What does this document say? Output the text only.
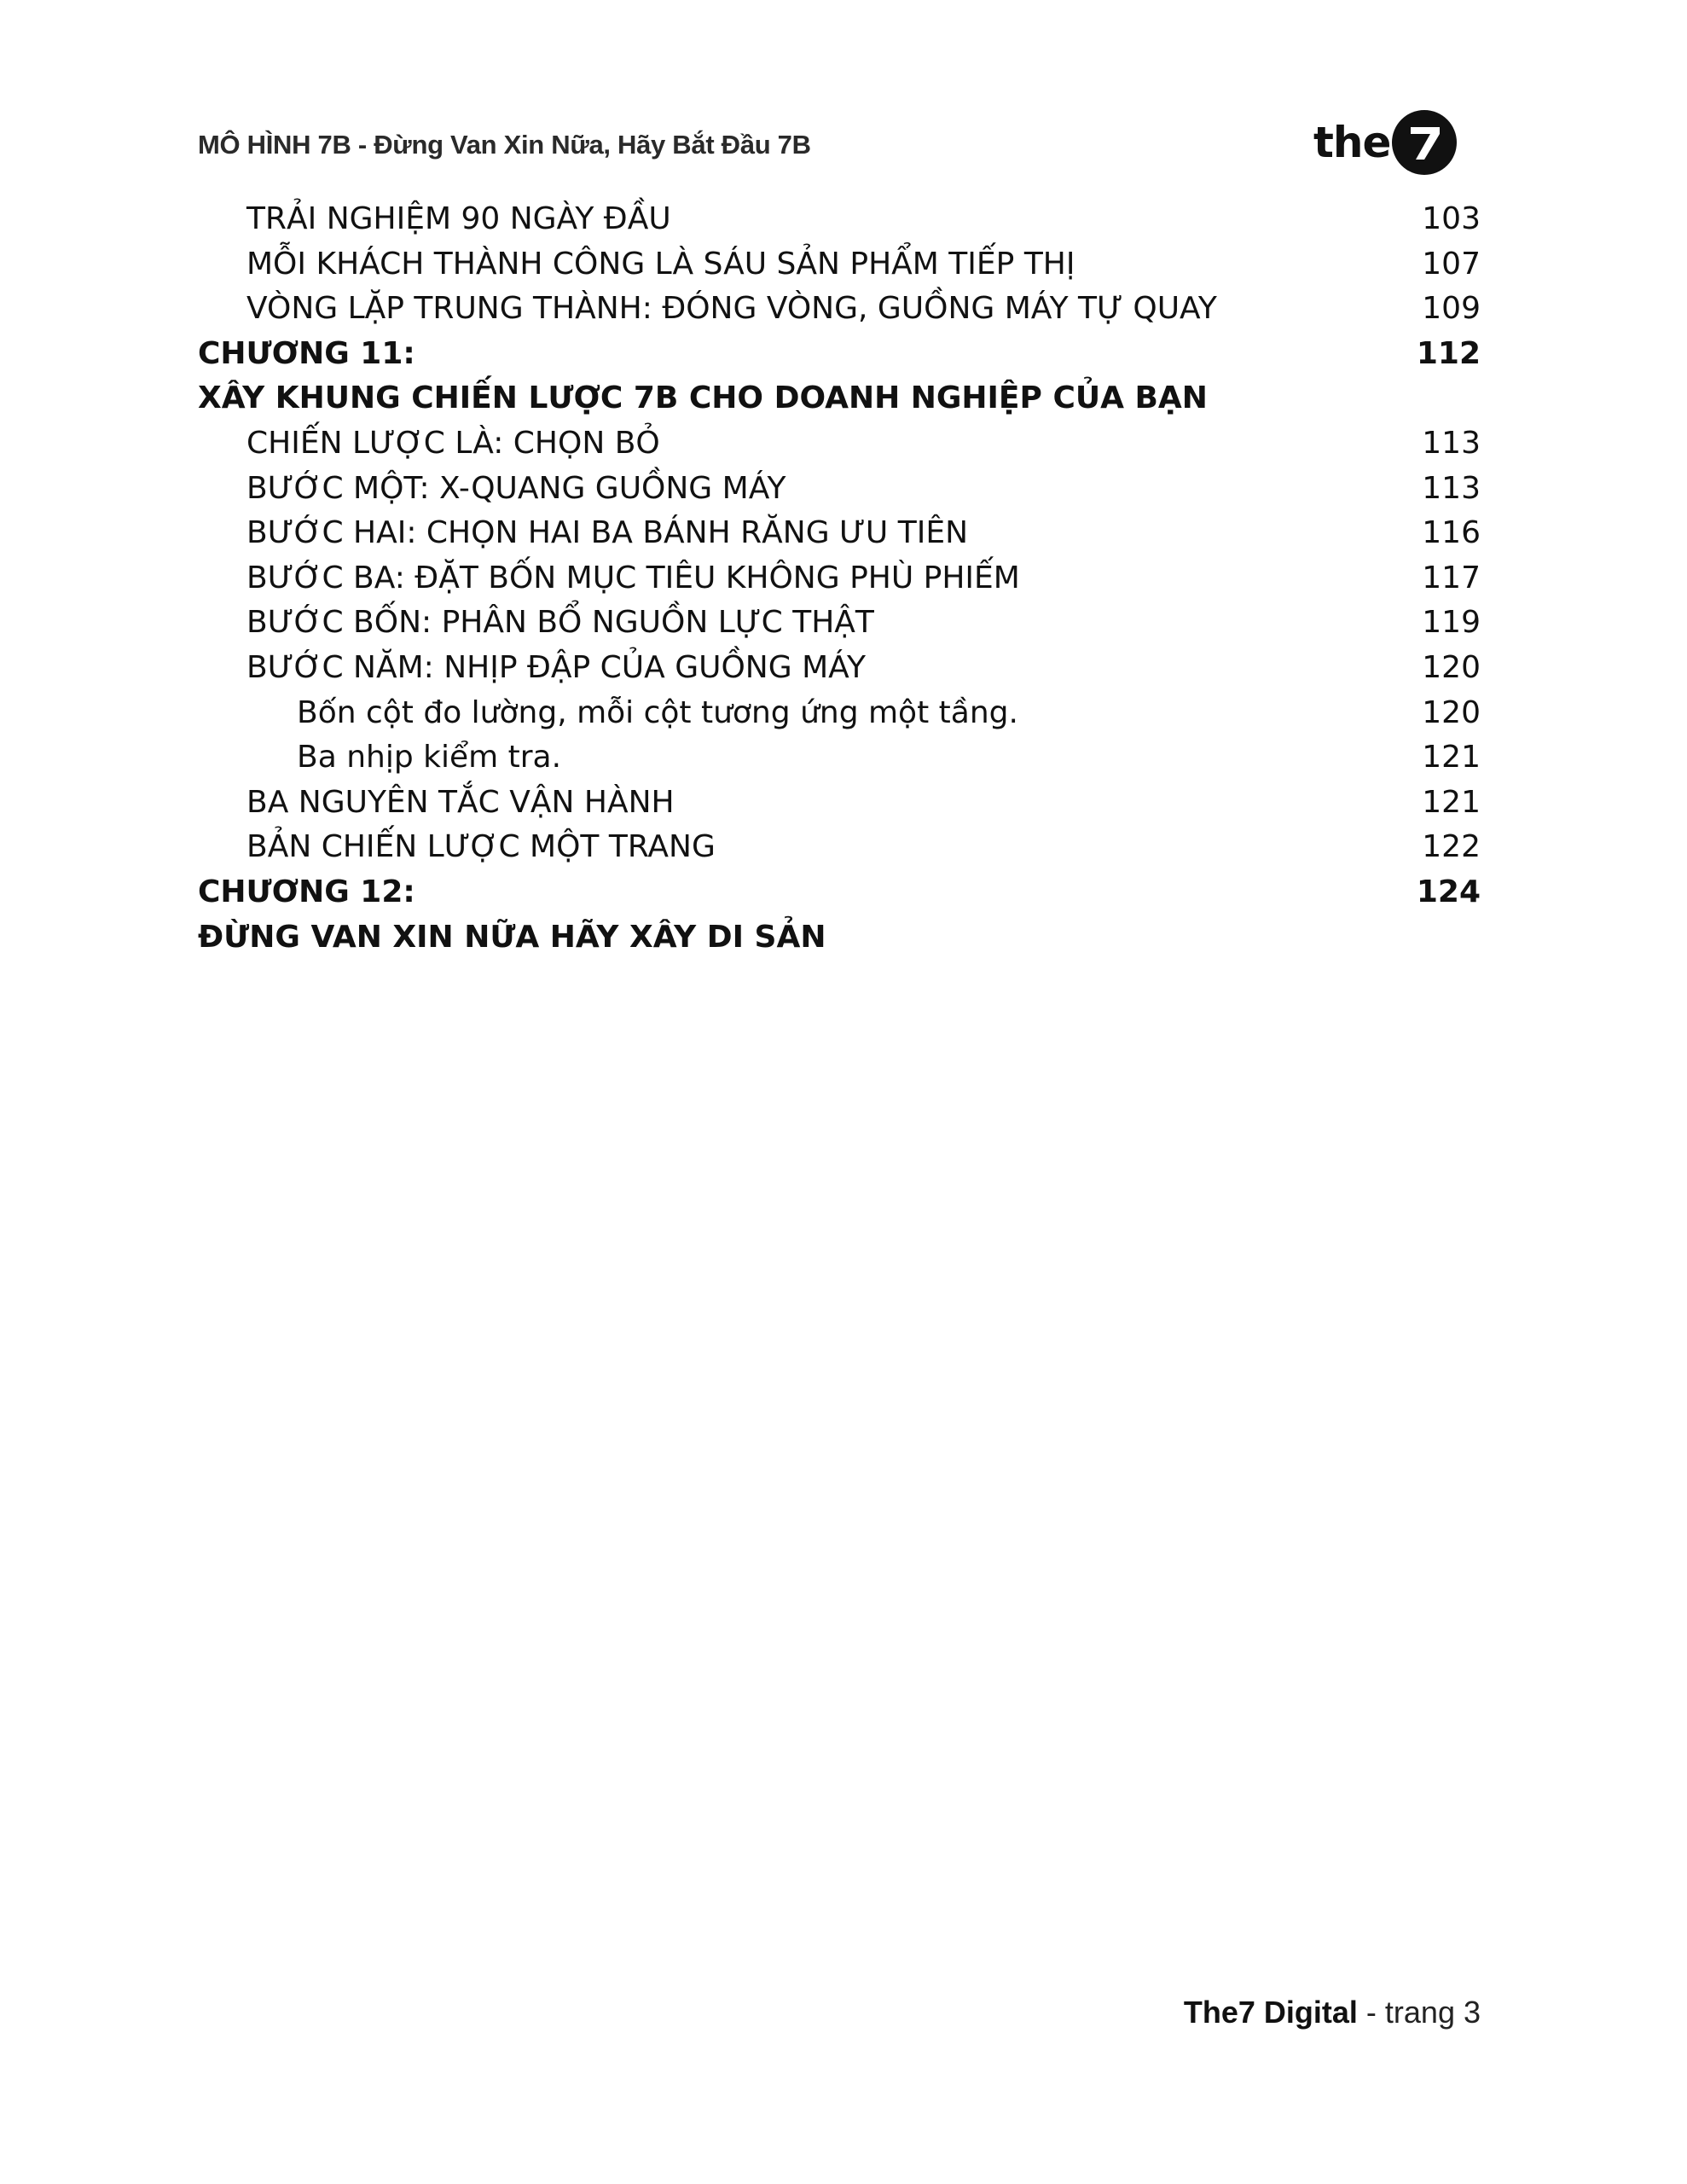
MÔ HÌNH 7B - Đừng Van Xin Nữa, Hãy Bắt Đầu 7B	the
TRẢI NGHIỆM 90 NGÀY ĐẦU	103
MỖI KHÁCH THÀNH CÔNG LÀ SÁU SẢN PHẨM TIẾP THỊ	107
VÒNG LẶP TRUNG THÀNH: ĐÓNG VÒNG, GUỒNG MÁY TỰ QUAY	109
CHƯƠNG 11:	112
XÂY KHUNG CHIẾN LƯỢC 7B CHO DOANH NGHIỆP CỦA BẠN
CHIẾN LƯỢC LÀ: CHỌN BỎ	113
BƯỚC MỘT: X-QUANG GUỒNG MÁY	113
BƯỚC HAI: CHỌN HAI BA BÁNH RĂNG ƯU TIÊN	116
BƯỚC BA: ĐẶT BỐN MỤC TIÊU KHÔNG PHÙ PHIẾM	117
BƯỚC BỐN: PHÂN BỔ NGUỒN LỰC THẬT	119
BƯỚC NĂM: NHỊP ĐẬP CỦA GUỒNG MÁY	120
Bốn cột đo lường, mỗi cột tương ứng một tầng.	120
Ba nhịp kiểm tra.	121
BA NGUYÊN TẮC VẬN HÀNH	121
BẢN CHIẾN LƯỢC MỘT TRANG	122
CHƯƠNG 12:	124
ĐỪNG VAN XIN NỮA HÃY XÂY DI SẢN
The7 Digital - trang 3
